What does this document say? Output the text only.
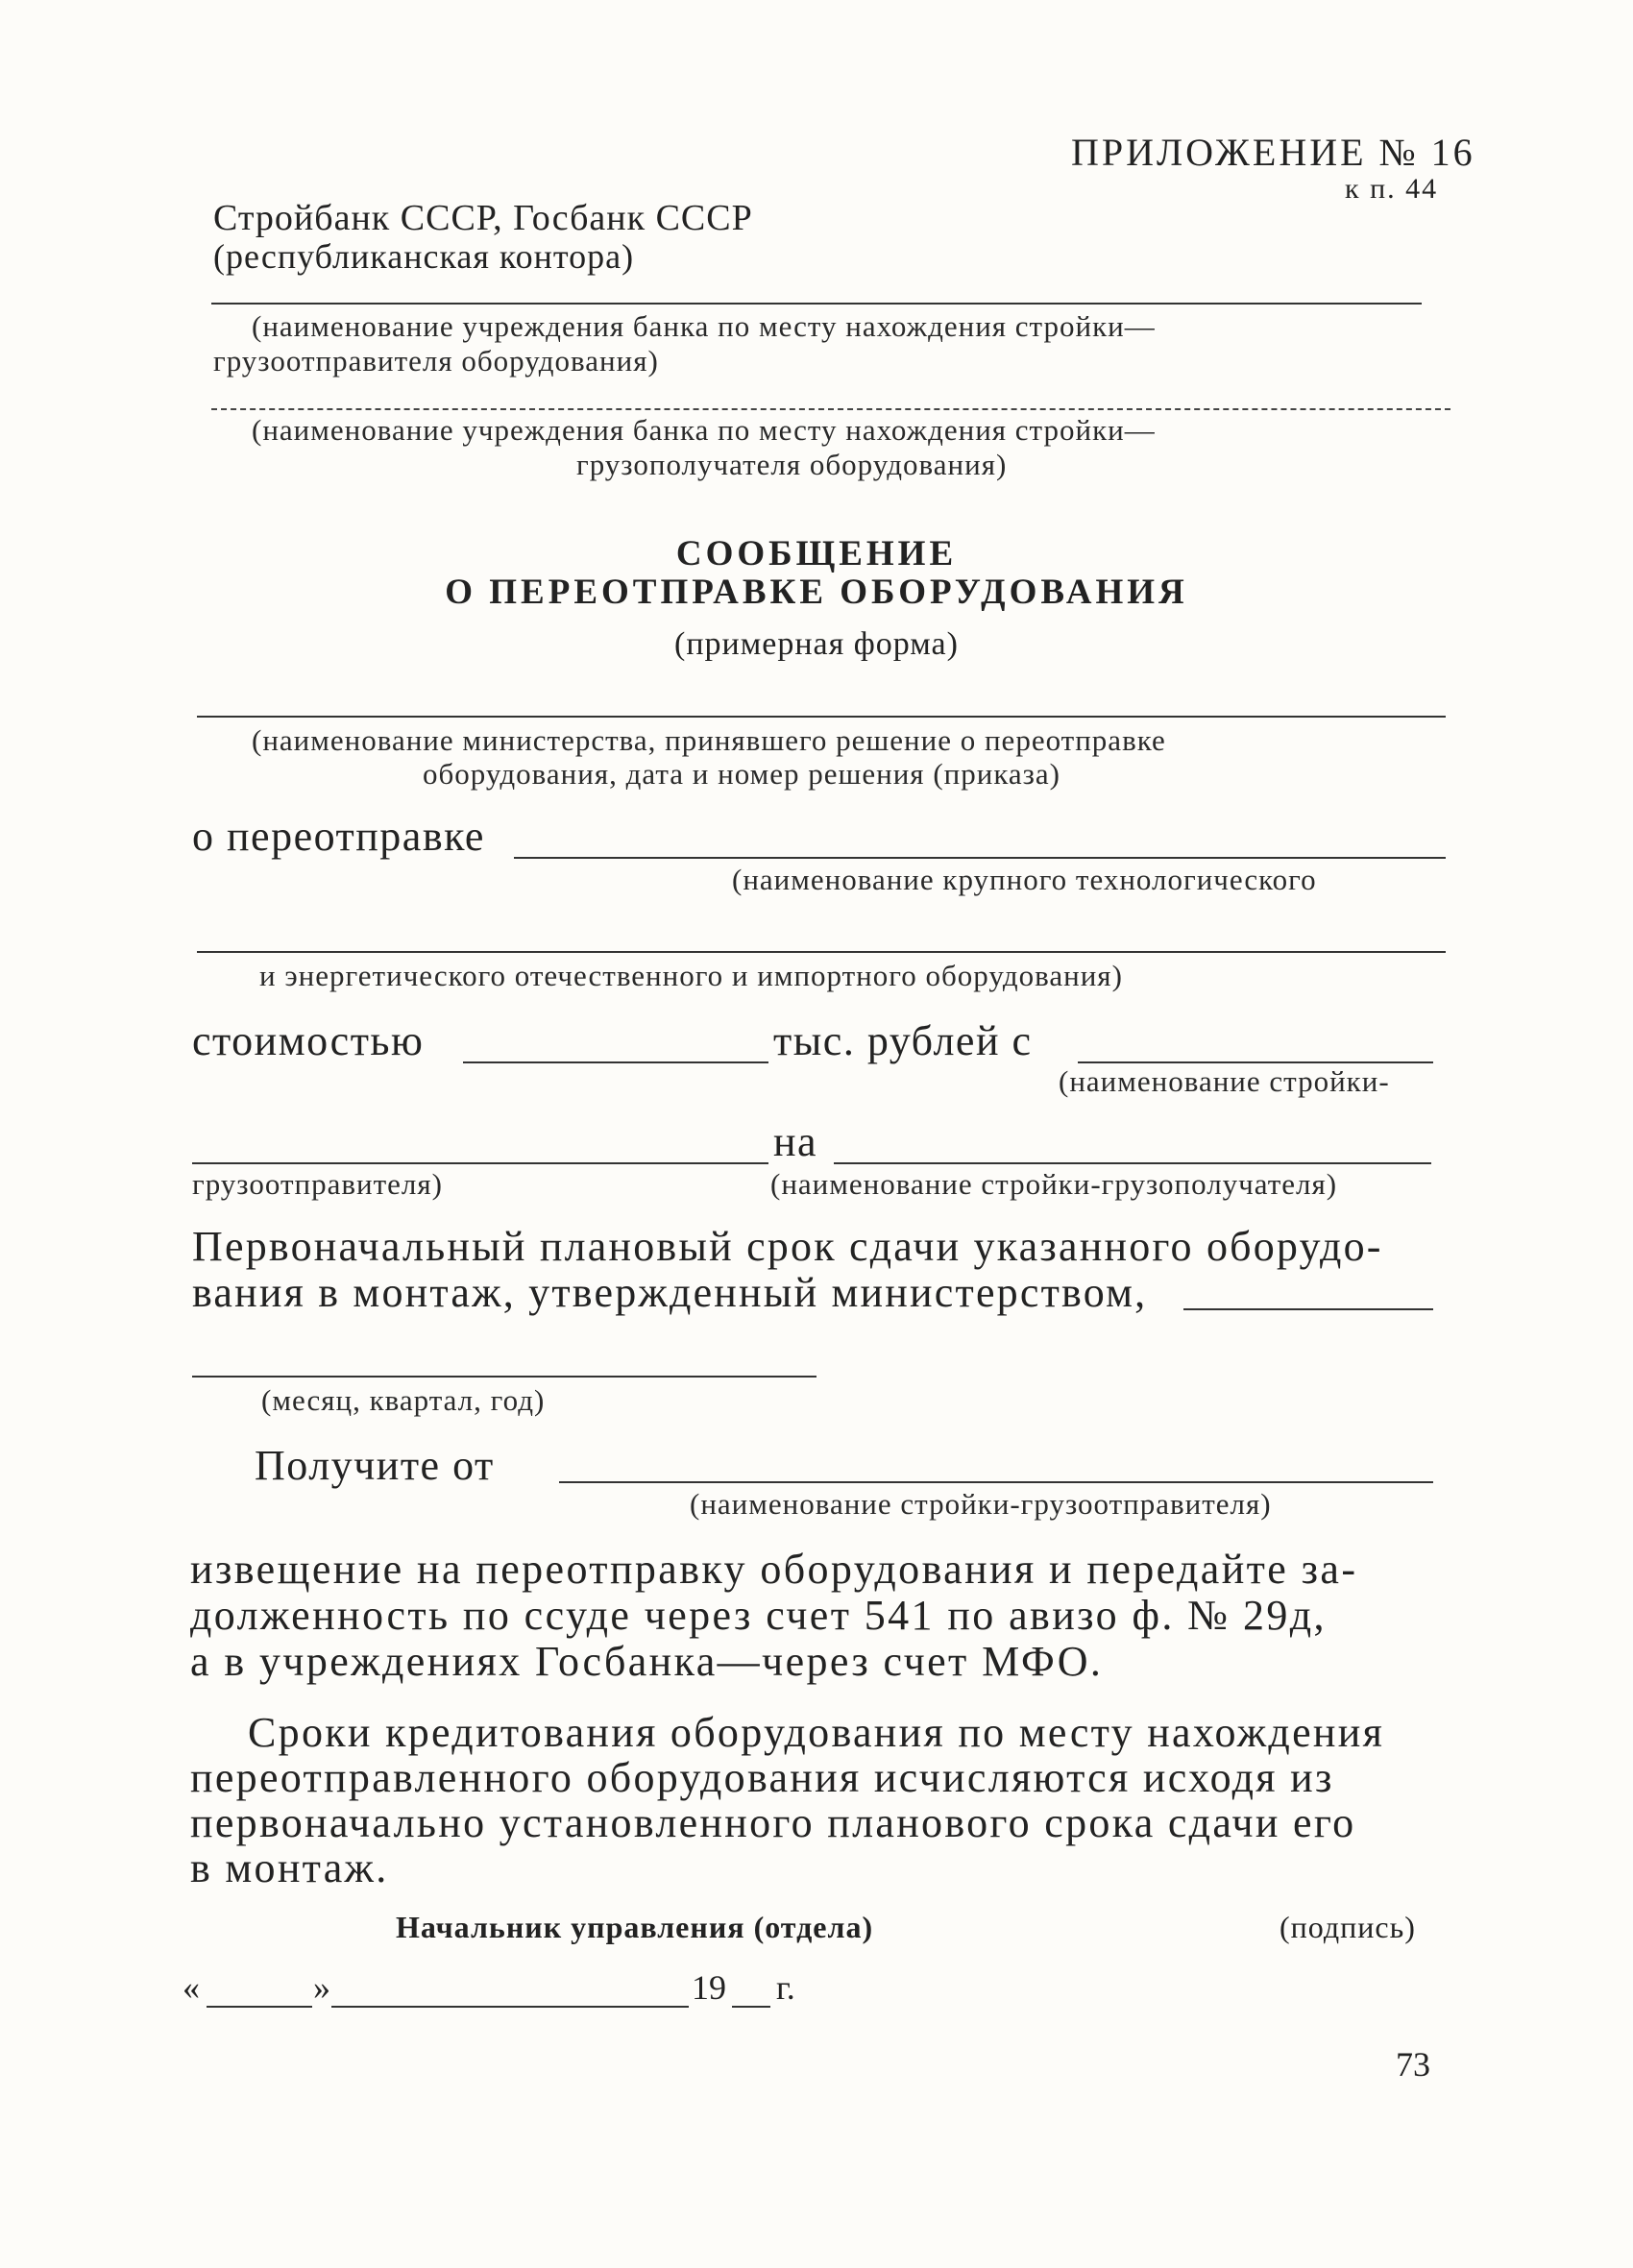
ПРИЛОЖЕНИЕ № 16
к п. 44
Стройбанк СССР, Госбанк СССР
(республиканская контора)
(наименование учреждения банка по месту нахождения стройки—
грузоотправителя оборудования)
(наименование учреждения банка по месту нахождения стройки—
грузополучателя оборудования)
СООБЩЕНИЕ
О ПЕРЕОТПРАВКЕ ОБОРУДОВАНИЯ
(примерная форма)
(наименование министерства, принявшего решение о переотправке
оборудования, дата и номер решения (приказа)
о переотправке
(наименование крупного технологического
и энергетического отечественного и импортного оборудования)
стоимостью	тыс. рублей с
(наименование стройки-
на
грузоотправителя)	(наименование стройки-грузополучателя)
Первоначальный плановый срок сдачи указанного оборудо-
вания в монтаж, утвержденный министерством,
(месяц, квартал, год)
Получите от
(наименование стройки-грузоотправителя)
извещение на переотправку оборудования и передайте за-
долженность по ссуде через счет 541 по авизо ф. № 29д,
а в учреждениях Госбанка—через счет МФО.
Сроки кредитования оборудования по месту нахождения
переотправленного оборудования исчисляются исходя из
первоначально установленного планового срока сдачи его
в монтаж.
Начальник управления (отдела)	(подпись)
«	»	19 г.
73
